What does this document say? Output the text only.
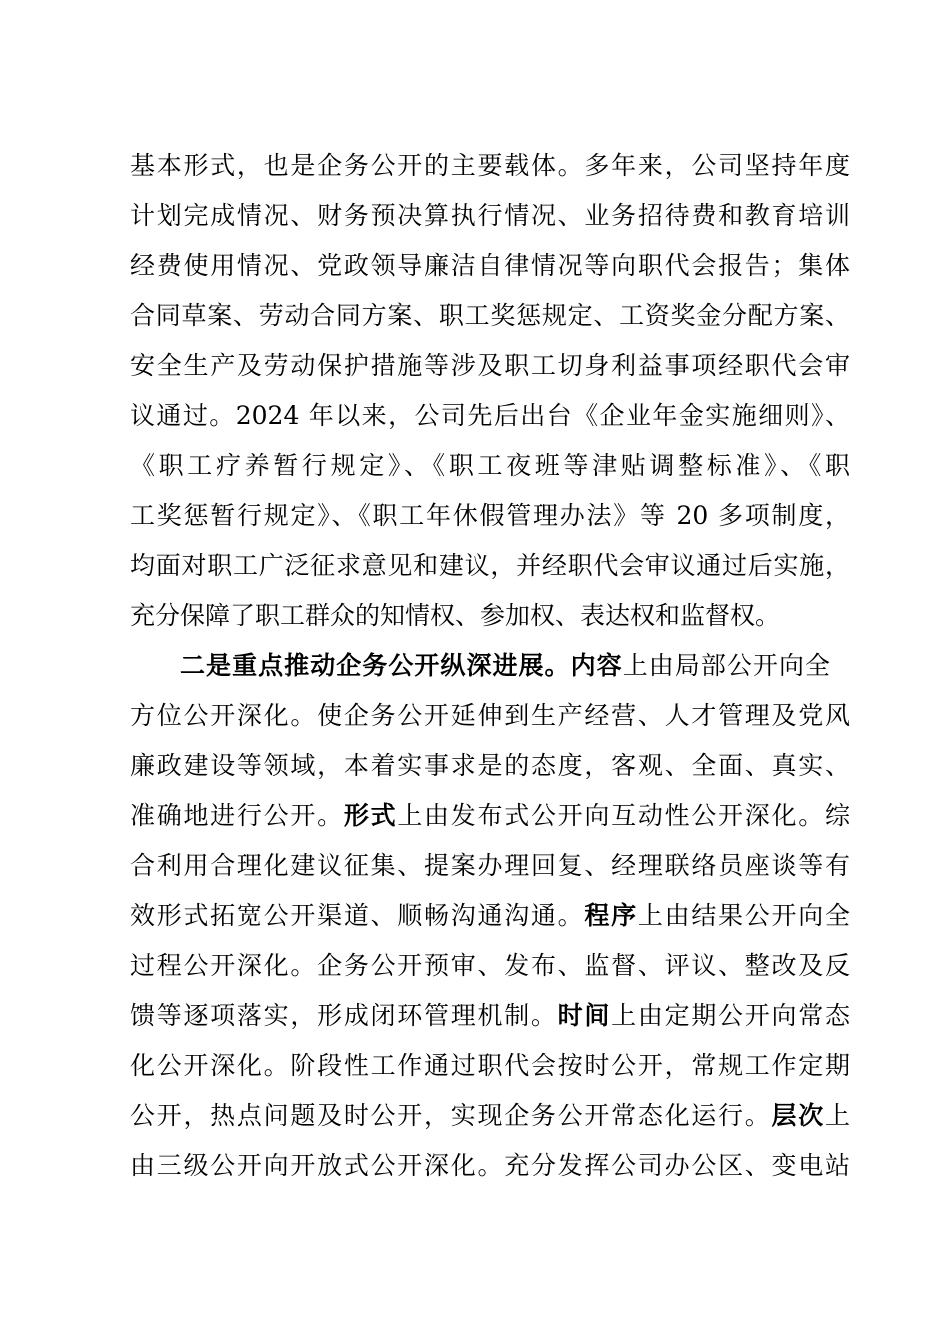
基本形式，也是企务公开的主要载体。多年来，公司坚持年度
计划完成情况、财务预决算执行情况、业务招待费和教育培训
经费使用情况、党政领导廉洁自律情况等向职代会报告；集体
合同草案、劳动合同方案、职工奖惩规定、工资奖金分配方案、
安全生产及劳动保护措施等涉及职工切身利益事项经职代会审
议通过。2024 年以来，公司先后出台《企业年金实施细则》、
《职工疗养暂行规定》、《职工夜班等津贴调整标准》、《职
工奖惩暂行规定》、《职工年休假管理办法》等 20 多项制度，
均面对职工广泛征求意见和建议，并经职代会审议通过后实施，
充分保障了职工群众的知情权、参加权、表达权和监督权。
二是重点推动企务公开纵深进展。内容上由局部公开向全
方位公开深化。使企务公开延伸到生产经营、人才管理及党风
廉政建设等领域，本着实事求是的态度，客观、全面、真实、
准确地进行公开。形式上由发布式公开向互动性公开深化。综
合利用合理化建议征集、提案办理回复、经理联络员座谈等有
效形式拓宽公开渠道、顺畅沟通沟通。程序上由结果公开向全
过程公开深化。企务公开预审、发布、监督、评议、整改及反
馈等逐项落实，形成闭环管理机制。时间上由定期公开向常态
化公开深化。阶段性工作通过职代会按时公开，常规工作定期
公开，热点问题及时公开，实现企务公开常态化运行。层次上
由三级公开向开放式公开深化。充分发挥公司办公区、变电站
